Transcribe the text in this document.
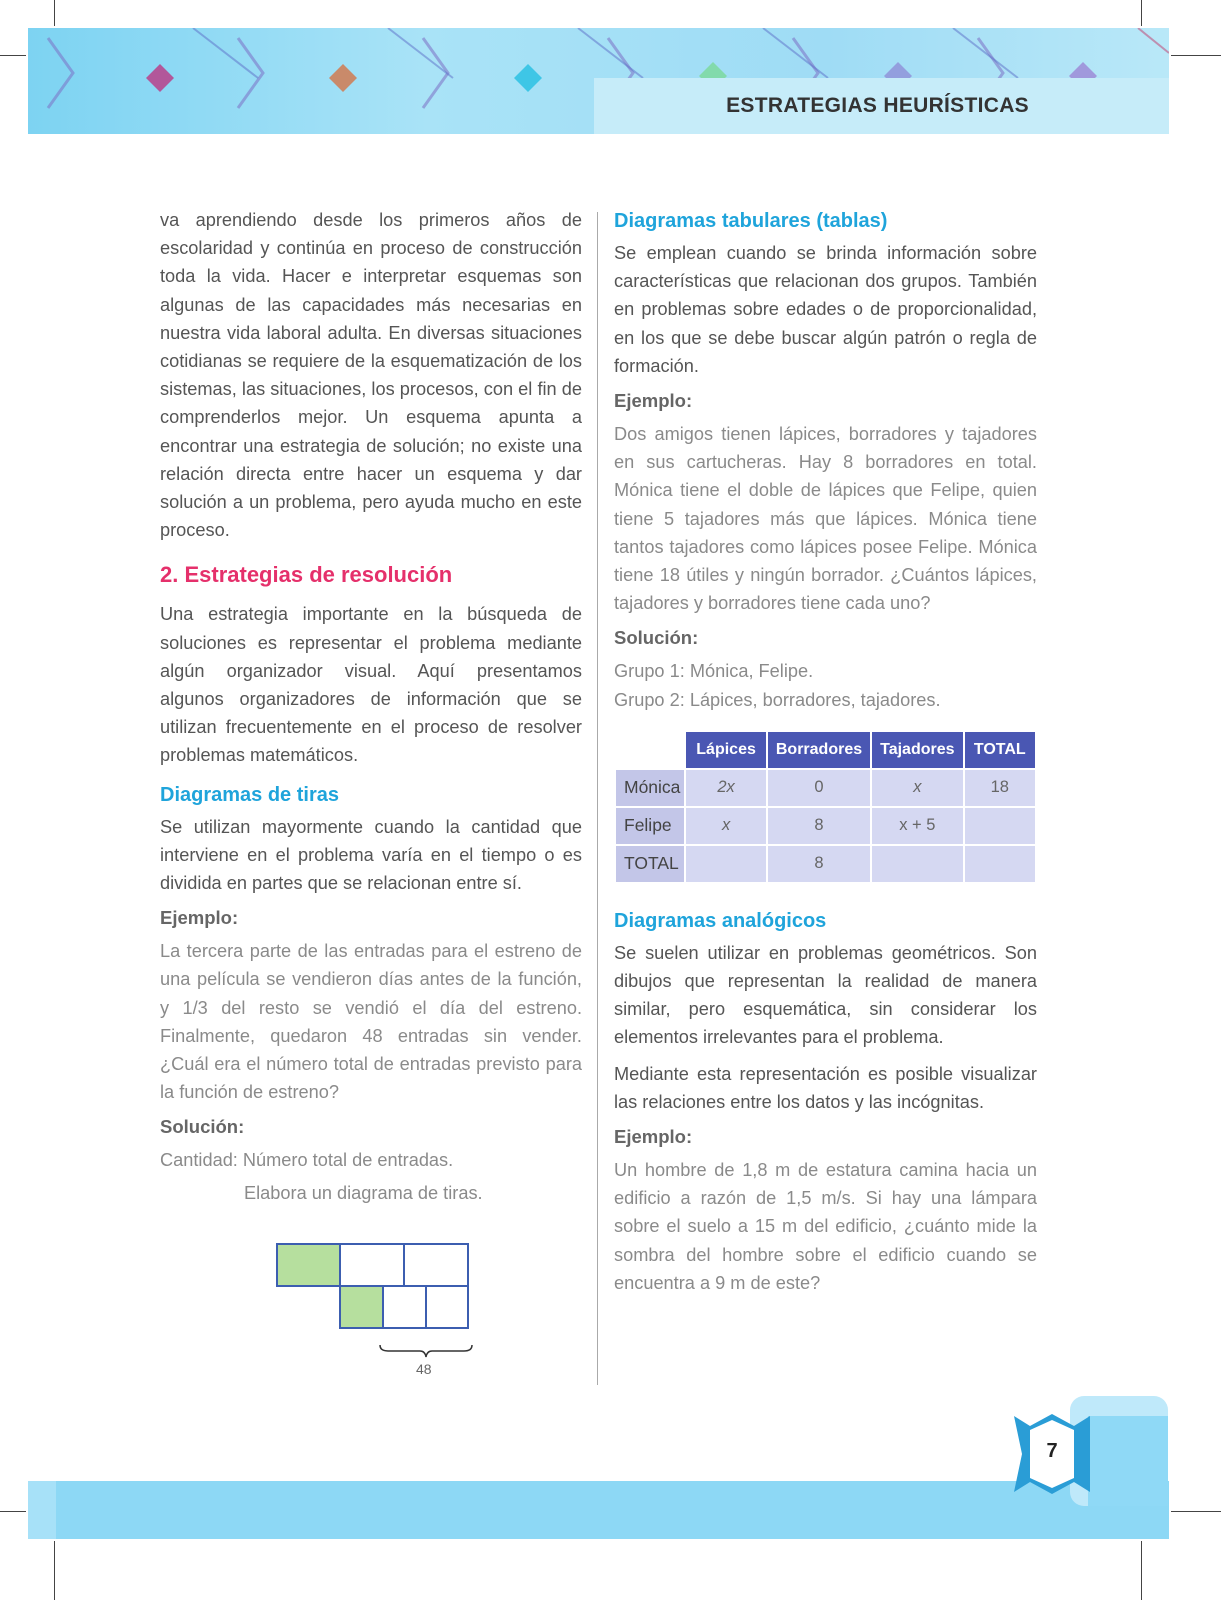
ESTRATEGIAS HEURÍSTICAS

va aprendiendo desde los primeros años de escolaridad y continúa en proceso de construcción toda la vida. Hacer e interpretar esquemas son algunas de las capacidades más necesarias en nuestra vida laboral adulta. En diversas situaciones cotidianas se requiere de la esquematización de los sistemas, las situaciones, los procesos, con el fin de comprenderlos mejor. Un esquema apunta a encontrar una estrategia de solución; no existe una relación directa entre hacer un esquema y dar solución a un problema, pero ayuda mucho en este proceso.

2. Estrategias de resolución

Una estrategia importante en la búsqueda de soluciones es representar el problema mediante algún organizador visual. Aquí presentamos algunos organizadores de información que se utilizan frecuentemente en el proceso de resolver problemas matemáticos.

Diagramas de tiras

Se utilizan mayormente cuando la cantidad que interviene en el problema varía en el tiempo o es dividida en partes que se relacionan entre sí.

Ejemplo:

La tercera parte de las entradas para el estreno de una película se vendieron días antes de la función, y 1/3 del resto se vendió el día del estreno. Finalmente, quedaron 48 entradas sin vender. ¿Cuál era el número total de entradas previsto para la función de estreno?

Solución:

Cantidad: Número total de entradas.

Elabora un diagrama de tiras.

48
Diagramas tabulares (tablas)

Se emplean cuando se brinda información sobre características que relacionan dos grupos. También en problemas sobre edades o de proporcionalidad, en los que se debe buscar algún patrón o regla de formación.

Ejemplo:

Dos amigos tienen lápices, borradores y tajadores en sus cartucheras. Hay 8 borradores en total. Mónica tiene el doble de lápices que Felipe, quien tiene 5 tajadores más que lápices. Mónica tiene tantos tajadores como lápices posee Felipe. Mónica tiene 18 útiles y ningún borrador. ¿Cuántos lápices, tajadores y borradores tiene cada uno?

Solución:

Grupo 1: Mónica, Felipe.

Grupo 2: Lápices, borradores, tajadores.

	Lápices	Borradores	Tajadores	TOTAL
Mónica	2x	0	x	18
Felipe	x	8	x + 5	
TOTAL		8		
Diagramas analógicos

Se suelen utilizar en problemas geométricos. Son dibujos que representan la realidad de manera similar, pero esquemática, sin considerar los elementos irrelevantes para el problema.

Mediante esta representación es posible visualizar las relaciones entre los datos y las incógnitas.

Ejemplo:

Un hombre de 1,8 m de estatura camina hacia un edificio a razón de 1,5 m/s. Si hay una lámpara sobre el suelo a 15 m del edificio, ¿cuánto mide la sombra del hombre sobre el edificio cuando se encuentra a 9 m de este?

7
